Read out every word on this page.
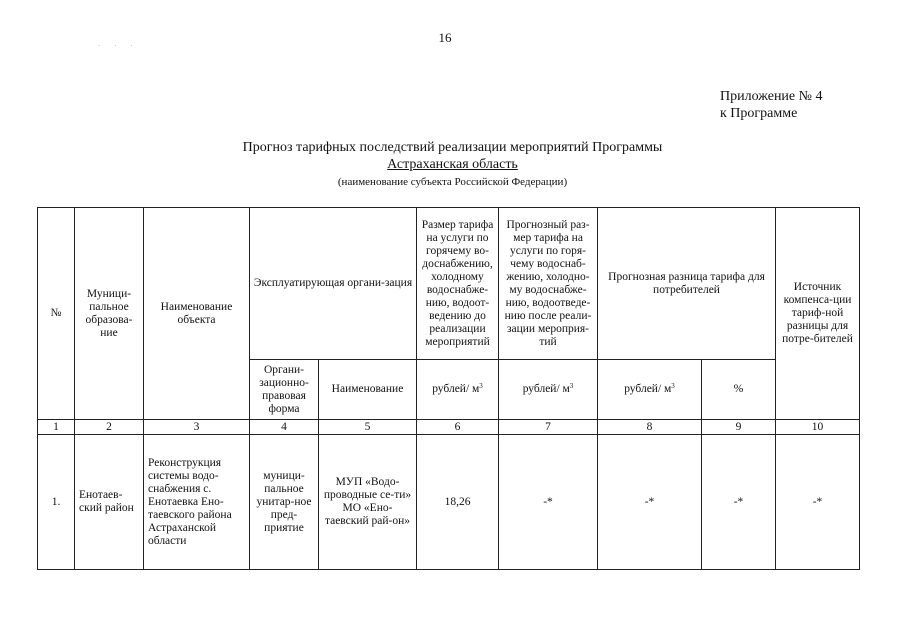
· · ·
16
Приложение № 4
к Программе
Прогноз тарифных последствий реализации мероприятий Программы
Астраханская область
(наименование субъекта Российской Федерации)
№	Муници-пальное образова-ние	Наименование объекта	Эксплуатирующая органи-зация		Размер тарифа на услуги по горячему во-доснабжению, холодному водоснабже-нию, водоот-ведению до реализации мероприятий	Прогнозный раз-мер тарифа на услуги по горя-чему водоснаб-жению, холодно-му водоснабже-нию, водоотведе-нию после реали-зации мероприя-тий	Прогнозная разница тарифа для потребителей		Источник компенса-ции тариф-ной разницы для потре-бителей
			Органи-зационно-правовая форма	Наименование	рублей/ $м^3$	рублей/ $м^3$	рублей/ $м^3$	%	
1	2	3	4	5	6	7	8	9	10
1.	Енотаев-ский район	Реконструкция системы водо-снабжения с. Енотаевка Ено-таевского района Астраханской области	муници-пальное унитар-ное пред-приятие	МУП «Водо-проводные се-ти» МО «Ено-таевский рай-он»	18,26	-*	-*	-*	-*
